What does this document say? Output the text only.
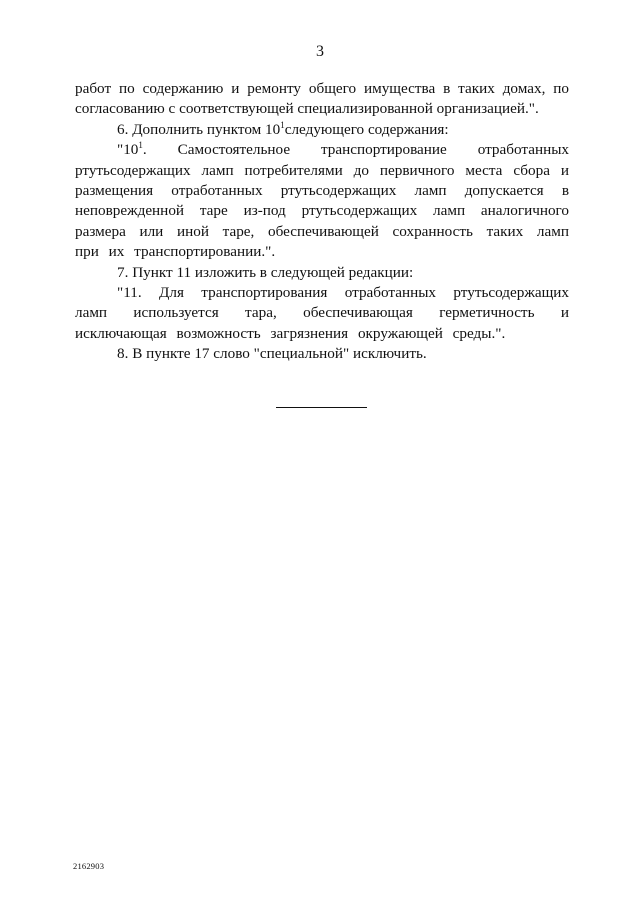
3

работ по содержанию и ремонту общего имущества в таких домах, по согласованию с соответствующей специализированной организацией.".

6. Дополнить пунктом $10^1следующего$ содержания:

"$10^1$. Самостоятельное транспортирование отработанных ртутьсодержащих ламп потребителями до первичного места сбора и размещения отработанных ртутьсодержащих ламп допускается в неповрежденной таре из-под ртутьсодержащих ламп аналогичного размера или иной таре, обеспечивающей сохранность таких ламп при их транспортировании.".

7. Пункт 11 изложить в следующей редакции:

"11. Для транспортирования отработанных ртутьсодержащих ламп используется тара, обеспечивающая герметичность и исключающая возможность загрязнения окружающей среды.".

8. В пункте 17 слово "специальной" исключить.

2162903
